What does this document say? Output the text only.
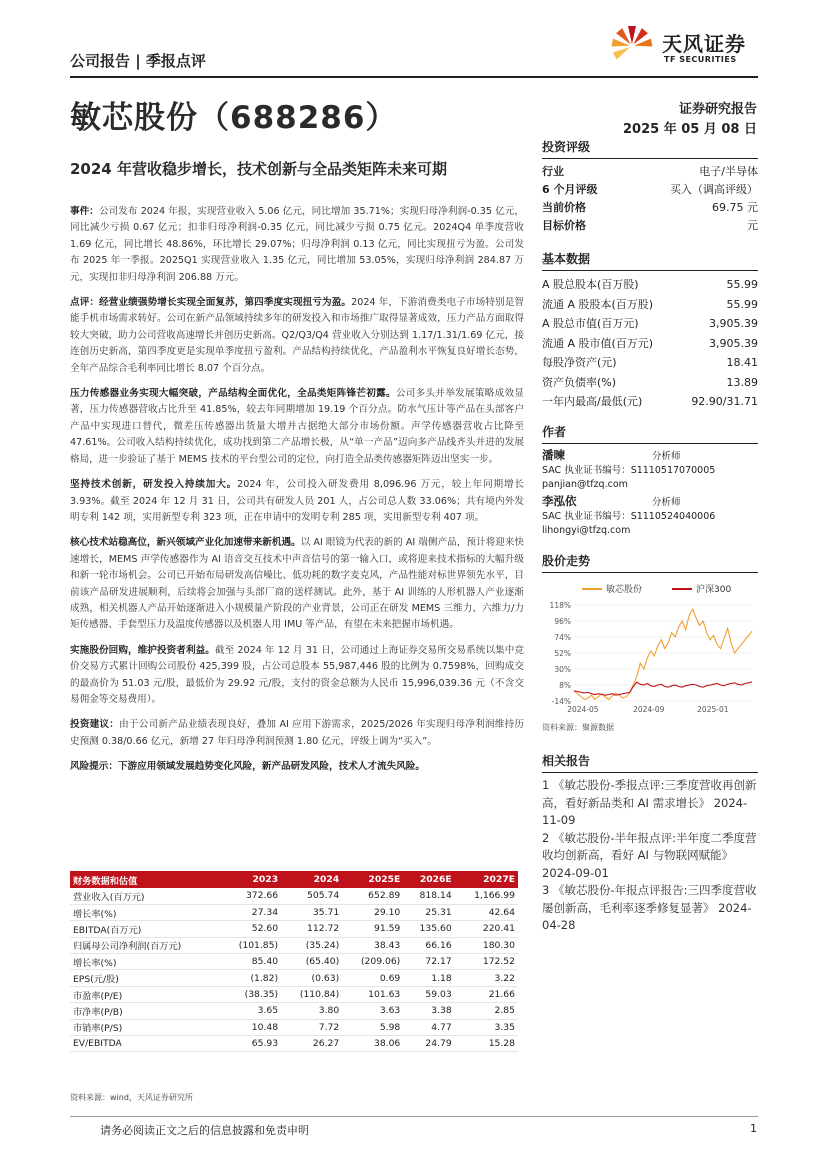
公司报告 | 季报点评
天风证券
TF SECURITIES
敏芯股份（688286）	证券研究报告
2025 年 05 月 08 日
2024 年营收稳步增长，技术创新与全品类矩阵未来可期

事件：公司发布 2024 年报，实现营业收入 5.06 亿元，同比增加 35.71%；实现归母净利润-0.35 亿元，同比减少亏损 0.67 亿元；扣非归母净利润-0.35 亿元，同比减少亏损 0.75 亿元。2024Q4 单季度营收 1.69 亿元，同比增长 48.86%，环比增长 29.07%；归母净利润 0.13 亿元，同比实现扭亏为盈。公司发布 2025 年一季报。2025Q1 实现营业收入 1.35 亿元，同比增加 53.05%，实现归母净利润 284.87 万元，实现扣非归母净利润 206.88 万元。

点评：经营业绩强势增长实现全面复苏，第四季度实现扭亏为盈。2024 年，下游消费类电子市场特别是智能手机市场需求转好。公司在新产品领域持续多年的研发投入和市场推广取得显著成效，压力产品方面取得较大突破，助力公司营收高速增长并创历史新高。Q2/Q3/Q4 营业收入分别达到 1.17/1.31/1.69 亿元，接连创历史新高，第四季度更是实现单季度扭亏盈利。产品结构持续优化，产品盈利水平恢复良好增长态势，全年产品综合毛利率同比增长 8.07 个百分点。

压力传感器业务实现大幅突破，产品结构全面优化，全品类矩阵锋芒初露。公司多头并举发展策略成效显著，压力传感器营收占比升至 41.85%，较去年同期增加 19.19 个百分点。防水气压计等产品在头部客户产品中实现进口替代，微差压传感器出货量大增并古据绝大部分市场份额。声学传感器营收占比降至 47.61%。公司收入结构持续优化，成功找到第二产品增长极，从“单一产品”迈向多产品线齐头并进的发展格局，进一步验证了基于 MEMS 技术的平台型公司的定位，向打造全品类传感器矩阵迈出坚实一步。

坚持技术创新，研发投入持续加大。2024 年，公司投入研发费用 8,096.96 万元，较上年同期增长 3.93%。截至 2024 年 12 月 31 日，公司共有研发人员 201 人，占公司总人数 33.06%；共有境内外发明专利 142 项，实用新型专利 323 项，正在申请中的发明专利 285 项，实用新型专利 407 项。

核心技术站稳高位，新兴领域产业化加速带来新机遇。以 AI 眼镜为代表的新的 AI 端侧产品，预计将迎来快速增长，MEMS 声学传感器作为 AI 语音交互技术中声音信号的第一输入口，或将迎来技术指标的大幅升级和新一轮市场机会。公司已开始布局研发高信噪比、低功耗的数字麦克风，产品性能对标世界领先水平，目前该产品研发进展顺利，后续将会加强与头部厂商的送样测试。此外，基于 AI 训练的人形机器人产业逐渐成熟，相关机器人产品开始逐渐进入小规模量产阶段的产业背景，公司正在研发 MEMS 三维力、六维力/力矩传感器、手套型压力及温度传感器以及机器人用 IMU 等产品，有望在未来把握市场机遇。

实施股份回购，维护投资者利益。截至 2024 年 12 月 31 日，公司通过上海证券交易所交易系统以集中竞价交易方式累计回购公司股份 425,399 股，占公司总股本 55,987,446 股的比例为 0.7598%，回购成交的最高价为 51.03 元/股，最低价为 29.92 元/股，支付的资金总额为人民币 15,996,039.36 元（不含交易佣金等交易费用）。

投资建议：由于公司新产品业绩表现良好，叠加 AI 应用下游需求，2025/2026 年实现归母净利润维持历史预测 0.38/0.66 亿元，新增 27 年归母净利润预测 1.80 亿元，评级上调为“买入”。

风险提示：下游应用领域发展趋势变化风险，新产品研发风险，技术人才流失风险。

投资评级
行业	电子/半导体
6 个月评级	买入（调高评级）
当前价格	69.75 元
目标价格	元
基本数据
A 股总股本(百万股)	55.99
流通 A 股股本(百万股)	55.99
A 股总市值(百万元)	3,905.39
流通 A 股市值(百万元)	3,905.39
每股净资产(元)	18.41
资产负债率(%)	13.89
一年内最高/最低(元)	92.90/31.71
作者
潘暕	分析师
SAC 执业证书编号：S1110517070005
panjian@tfzq.com
李泓依	分析师
SAC 执业证书编号：S1110524040006
lihongyi@tfzq.com
股价走势
敏芯股份	沪深300
118%
96%
74%
52%
30%
8%
-14%
2024-05	2024-09	2025-01
资料来源：聚源数据
相关报告
1 《敏芯股份-季报点评:三季度营收再创新高，看好新品类和 AI 需求增长》 2024-11-09
2 《敏芯股份-半年报点评:半年度二季度营收均创新高，看好 AI 与物联网赋能》 2024-09-01
3 《敏芯股份-年报点评报告:三四季度营收屡创新高，毛利率逐季修复显著》 2024-04-28
财务数据和估值	2023	2024	2025E	2026E	2027E
营业收入(百万元)	372.66	505.74	652.89	818.14	1,166.99
增长率(%)	27.34	35.71	29.10	25.31	42.64
EBITDA(百万元)	52.60	112.72	91.59	135.60	220.41
归属母公司净利润(百万元)	(101.85)	(35.24)	38.43	66.16	180.30
增长率(%)	85.40	(65.40)	(209.06)	72.17	172.52
EPS(元/股)	(1.82)	(0.63)	0.69	1.18	3.22
市盈率(P/E)	(38.35)	(110.84)	101.63	59.03	21.66
市净率(P/B)	3.65	3.80	3.63	3.38	2.85
市销率(P/S)	10.48	7.72	5.98	4.77	3.35
EV/EBITDA	65.93	26.27	38.06	24.79	15.28
资料来源：wind，天风证券研究所
请务必阅读正文之后的信息披露和免责申明	1
